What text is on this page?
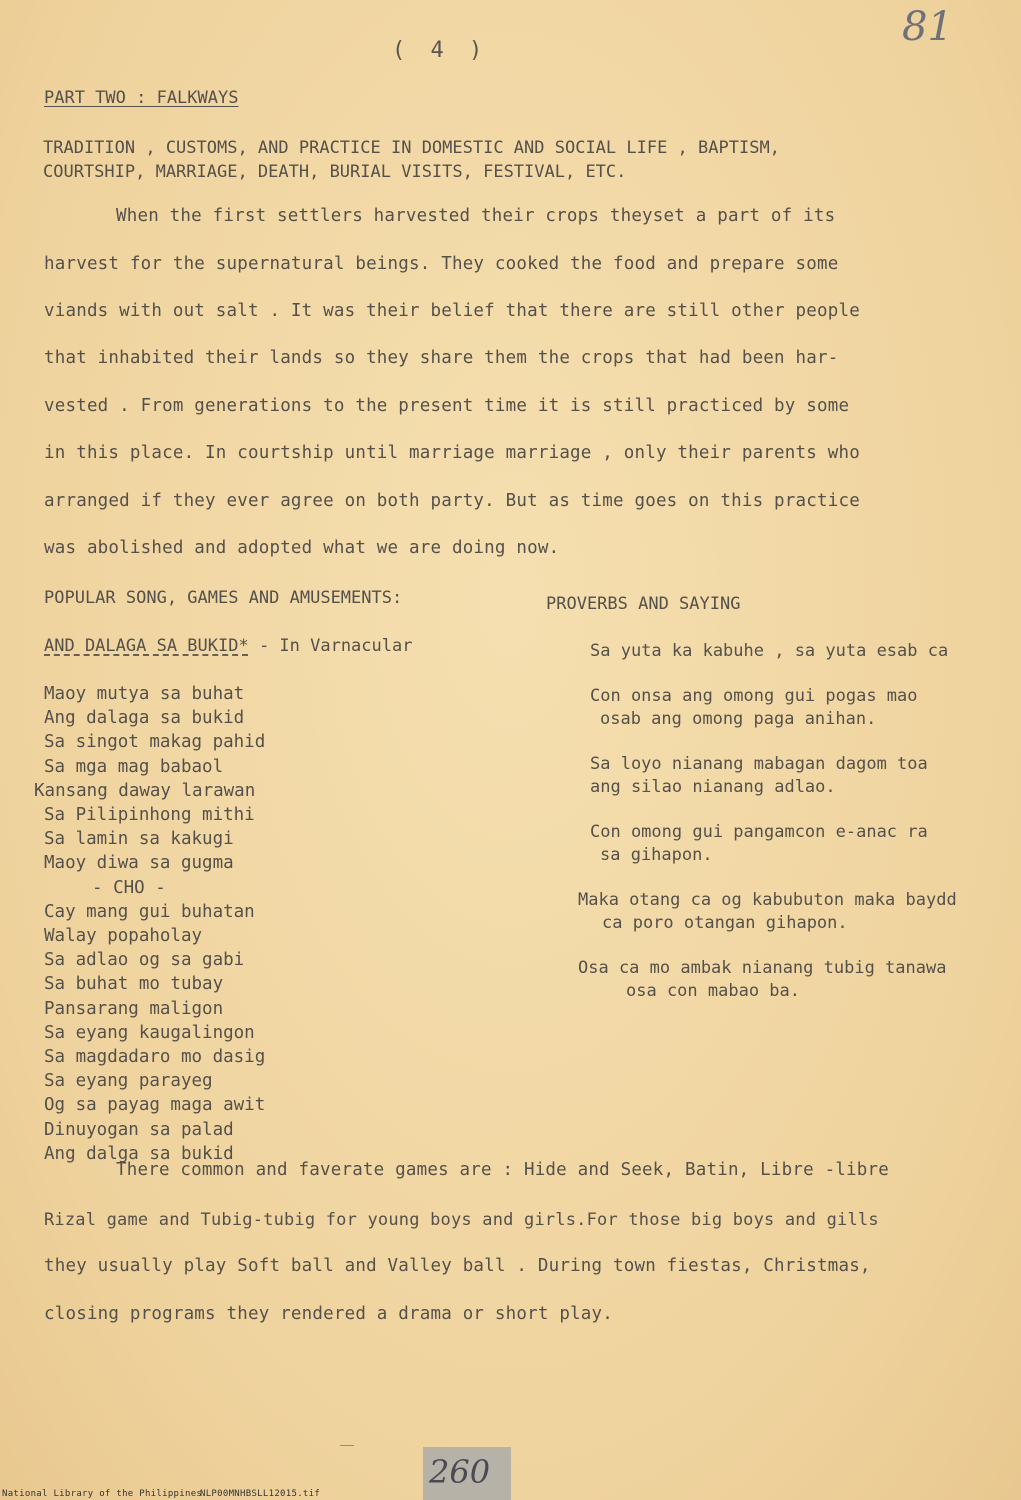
( 4 )
81
PART TWO : FALKWAYS
TRADITION , CUSTOMS, AND PRACTICE IN DOMESTIC AND SOCIAL LIFE , BAPTISM,
COURTSHIP, MARRIAGE, DEATH, BURIAL VISITS, FESTIVAL, ETC.
When the first settlers harvested their crops theyset a part of its
harvest for the supernatural beings. They cooked the food and prepare some
viands with out salt . It was their belief that there are still other people
that inhabited their lands so they share them the crops that had been har-
vested . From generations to the present time it is still practiced by some
in this place. In courtship until marriage marriage , only their parents who
arranged if they ever agree on both party. But as time goes on this practice
was abolished and adopted what we are doing now.
POPULAR SONG, GAMES AND AMUSEMENTS:	PROVERBS AND SAYING
AND DALAGA SA BUKID* - In Varnacular
Maoy mutya sa buhat
Ang dalaga sa bukid
Sa singot makag pahid
Sa mga mag babaol
Kansang daway larawan
Sa Pilipinhong mithi
Sa lamin sa kakugi
Maoy diwa sa gugma
- CHO -
Cay mang gui buhatan
Walay popaholay
Sa adlao og sa gabi
Sa buhat mo tubay
Pansarang maligon
Sa eyang kaugalingon
Sa magdadaro mo dasig
Sa eyang parayeg
Og sa payag maga awit
Dinuyogan sa palad
Ang dalga sa bukid
Sa yuta ka kabuhe , sa yuta esab ca
Con onsa ang omong gui pogas mao
osab ang omong paga anihan.
Sa loyo nianang mabagan dagom toa
ang silao nianang adlao.
Con omong gui pangamcon e-anac ra
sa gihapon.
Maka otang ca og kabubuton maka baydd
ca poro otangan gihapon.
Osa ca mo ambak nianang tubig tanawa
osa con mabao ba.
There common and faverate games are : Hide and Seek, Batin, Libre -libre
Rizal game and Tubig-tubig for young boys and girls.For those big boys and gills
they usually play Soft ball and Valley ball . During town fiestas, Christmas,
closing programs they rendered a drama or short play.
260
National Library of the Philippines
NLP00MNHBSLL12015.tif
